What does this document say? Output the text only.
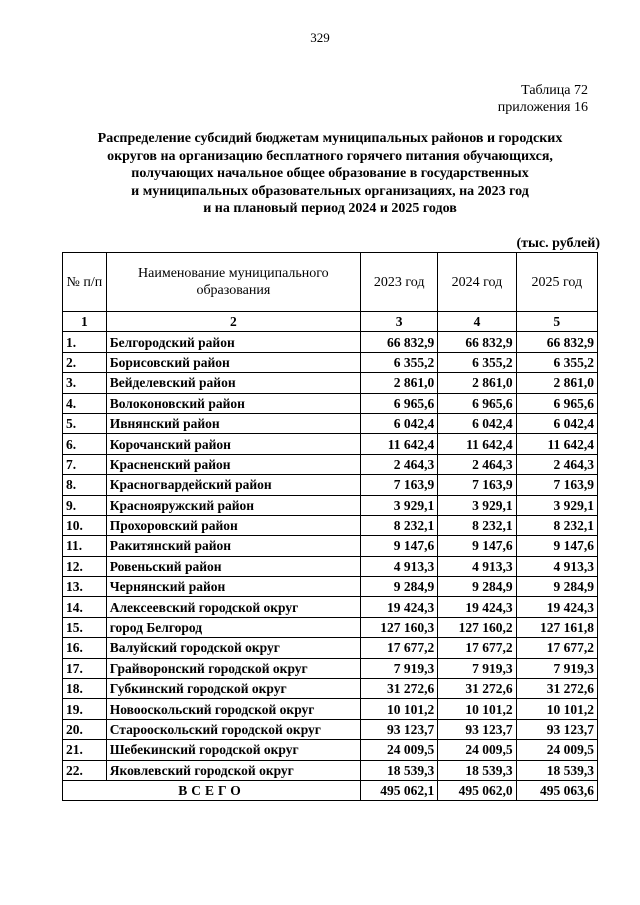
329
Таблица 72
приложения 16
Распределение субсидий бюджетам муниципальных районов и городских
округов на организацию бесплатного горячего питания обучающихся,
получающих начальное общее образование в государственных
и муниципальных образовательных организациях, на 2023 год
и на плановый период 2024 и 2025 годов
(тыс. рублей)
№ п/п	Наименование муниципального образования	2023 год	2024 год	2025 год
1	2	3	4	5
1.	Белгородский район	66 832,9	66 832,9	66 832,9
2.	Борисовский район	6 355,2	6 355,2	6 355,2
3.	Вейделевский район	2 861,0	2 861,0	2 861,0
4.	Волоконовский район	6 965,6	6 965,6	6 965,6
5.	Ивнянский район	6 042,4	6 042,4	6 042,4
6.	Корочанский район	11 642,4	11 642,4	11 642,4
7.	Красненский район	2 464,3	2 464,3	2 464,3
8.	Красногвардейский район	7 163,9	7 163,9	7 163,9
9.	Краснояружский район	3 929,1	3 929,1	3 929,1
10.	Прохоровский район	8 232,1	8 232,1	8 232,1
11.	Ракитянский район	9 147,6	9 147,6	9 147,6
12.	Ровеньский район	4 913,3	4 913,3	4 913,3
13.	Чернянский район	9 284,9	9 284,9	9 284,9
14.	Алексеевский городской округ	19 424,3	19 424,3	19 424,3
15.	город Белгород	127 160,3	127 160,2	127 161,8
16.	Валуйский городской округ	17 677,2	17 677,2	17 677,2
17.	Грайворонский городской округ	7 919,3	7 919,3	7 919,3
18.	Губкинский городской округ	31 272,6	31 272,6	31 272,6
19.	Новооскольский городской округ	10 101,2	10 101,2	10 101,2
20.	Старооскольский городской округ	93 123,7	93 123,7	93 123,7
21.	Шебекинский городской округ	24 009,5	24 009,5	24 009,5
22.	Яковлевский городской округ	18 539,3	18 539,3	18 539,3
ВСЕГО		495 062,1	495 062,0	495 063,6
